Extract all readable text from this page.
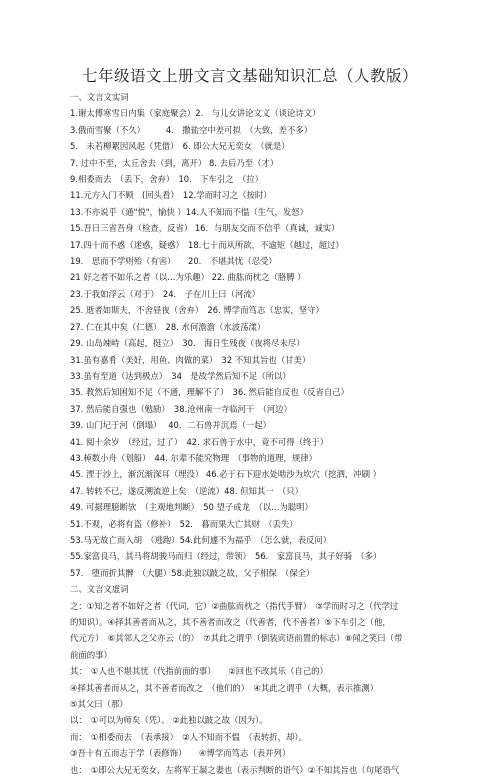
七年级语文上册文言文基础知识汇总（人教版）
一、文言文实词
1.谢太傅寒雪日内集（家庭聚会）2． 与儿女讲论文义（谈论诗文）
3.俄而雪聚（不久）　　　4． 撒盐空中差可拟　（大致，差不多）
5． 未若柳絮因风起（凭借）　6. 即公大兄无奕女　（就是）
7. 过中不至，太丘舍去（到，离开） 8. 去后乃至（才）
9.相委而去　（丢下，舍弃）　10． 下车引之　（拉）
11.元方入门不顾　(回头看）　12.学而时习之（按时）
13.不亦说乎（通"悦"，愉快 ）14.人不知而不愠（生气，发怒）
15.吾日三省吾身（检查，反省） 16．与朋友交而不信乎（真诚，诚实）
17.四十而不惑（迷惑，疑惑）　18.七十而从所欲，不逾矩（越过，超过）
19． 思而不学则殆（有害）　　20． 不堪其忧（忍受）
21 好之者不如乐之者（以…为乐趣） 22. 曲肱而枕之（胳膊 ）
23.于我如浮云（对于）　24． 子在川上曰（河流）
25. 逝者如斯夫，不舍昼夜（舍弃）　26. 博学而笃志（忠实，坚守）
27. 仁在其中矣（仁德）　28. 水何澹澹（水波荡漾）
29. 山岛竦峙（高起，挺立）　30． 海日生残夜（夜将尽未尽）
31.虽有嘉肴（美好，用鱼、肉做的菜）　32 不知其旨也（甘美）
33.虽有至道（达到极点）　34　是故学然后知不足（所以）
35. 教然后知困知不足（不通，理解不了）　36. 然后能自反也（反省自己）
37. 然后能自强也（勉励）　38.沧州南一寺临河干　（河边）
39. 山门圮于河（倒塌）　 40．二石兽并沉焉（一起）
41. 阅十余岁　（经过，过了）　42. 求石兽于水中，竟不可得（终于）
43.棹数小舟（划船）　44. 尔辈不能究物理　（事物的道理，规律）
45. 湮于沙上，渐沉渐深耳（埋没） 46.必于石下迎水处啮沙为坎穴（挖洒，冲刷 ）
47. 转转不已，遂反溯流逆上矣　（逆流）48. 但知其一　（只）
49. 可据理臆断欤　（主观地判断）　50 望子成龙　（以…为聪明）
51.不观，必将有盗（修补）　52． 暮而果大亡其财　（丢失）
53.马无故亡而入胡　（逃跑）54.此何遽不为福乎　（怎么就，表反问）
55.家富良马，其马将胡骏马而归（经过，带领）　56． 家富良马，其子好骑　（多）
57． 堕而折其髀　（大腿）58.此独以跛之故，父子相保　（保全）
二、文言文虚词
之：①知之者不如好之者（代词，它）②曲肱而枕之（指代手臂）　③学而时习之（代学过
的知识）。④择其善者而从之，其不善者而改之（代善者，代不善者）⑤下车引之（他，
代元方）　⑥其邻人之父亦云（的）　⑦其此之谓乎（倒装宾语前置的标志）⑧闻之笑曰（带
前面的事）
其：　①人也不堪其忧（代指前面的事）　　②回也不改其乐（自己的）
④择其善者而从之，其不善者而改之　（他们的）　④其此之谓乎（大概，表示推测）
⑤其父曰（那）
以：　①可以为师矣（凭）。 ②此独以跛之故（因为）。
而：　①相委而去　（表承接）　②人不知而不愠　（表转折，却）。
③吾十有五而志于学（表修饰）　　④博学而笃志（表并列）
也：　①即公大兄无奕女，左将军王凝之妻也（表示判断的语气）②不知其旨也（句尾语气
